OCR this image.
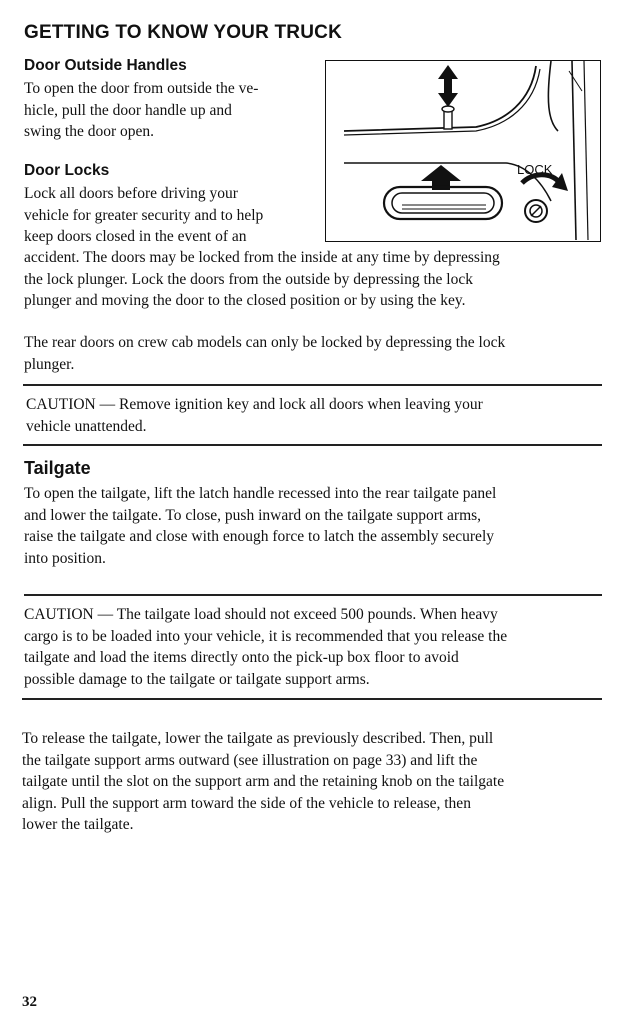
GETTING TO KNOW YOUR TRUCK
Door Outside Handles
To open the door from outside the ve-
hicle, pull the door handle up and
swing the door open.
Door Locks
Lock all doors before driving your
vehicle for greater security and to help
keep doors closed in the event of an
accident. The doors may be locked from the inside at any time by depressing
the lock plunger. Lock the doors from the outside by depressing the lock
plunger and moving the door to the closed position or by using the key.
The rear doors on crew cab models can only be locked by depressing the lock
plunger.
LOCK
CAUTION — Remove ignition key and lock all doors when leaving your
vehicle unattended.
Tailgate
To open the tailgate, lift the latch handle recessed into the rear tailgate panel
and lower the tailgate. To close, push inward on the tailgate support arms,
raise the tailgate and close with enough force to latch the assembly securely
into position.
CAUTION — The tailgate load should not exceed 500 pounds. When heavy
cargo is to be loaded into your vehicle, it is recommended that you release the
tailgate and load the items directly onto the pick-up box floor to avoid
possible damage to the tailgate or tailgate support arms.
To release the tailgate, lower the tailgate as previously described. Then, pull
the tailgate support arms outward (see illustration on page 33) and lift the
tailgate until the slot on the support arm and the retaining knob on the tailgate
align. Pull the support arm toward the side of the vehicle to release, then
lower the tailgate.
32
